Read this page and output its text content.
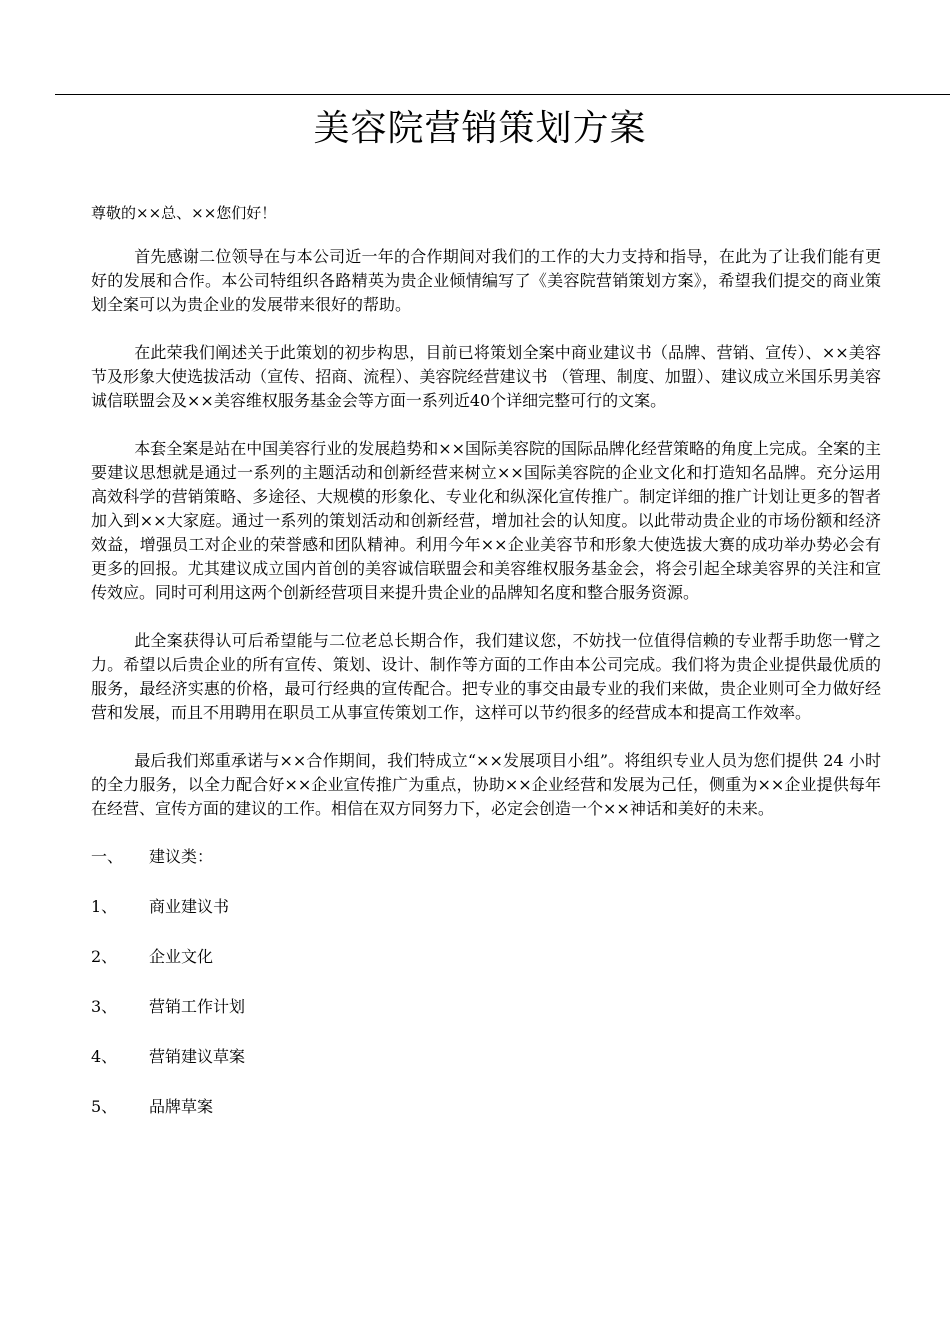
美容院营销策划方案

尊敬的××总、××您们好！

首先感谢二位领导在与本公司近一年的合作期间对我们的工作的大力支持和指导，在此为了让我们能有更好的发展和合作。本公司特组织各路精英为贵企业倾情编写了《美容院营销策划方案》，希望我们提交的商业策划全案可以为贵企业的发展带来很好的帮助。

在此荣我们阐述关于此策划的初步构思，目前已将策划全案中商业建议书（品牌、营销、宣传）、××美容节及形象大使选拔活动（宣传、招商、流程）、美容院经营建议书 （管理、制度、加盟）、建议成立米国乐男美容诚信联盟会及××美容维权服务基金会等方面一系列近40个详细完整可行的文案。

本套全案是站在中国美容行业的发展趋势和××国际美容院的国际品牌化经营策略的角度上完成。全案的主要建议思想就是通过一系列的主题活动和创新经营来树立××国际美容院的企业文化和打造知名品牌。充分运用高效科学的营销策略、多途径、大规模的形象化、专业化和纵深化宣传推广。制定详细的推广计划让更多的智者加入到××大家庭。通过一系列的策划活动和创新经营，增加社会的认知度。以此带动贵企业的市场份额和经济效益，增强员工对企业的荣誉感和团队精神。利用今年××企业美容节和形象大使选拔大赛的成功举办势必会有更多的回报。尤其建议成立国内首创的美容诚信联盟会和美容维权服务基金会，将会引起全球美容界的关注和宣传效应。同时可利用这两个创新经营项目来提升贵企业的品牌知名度和整合服务资源。

此全案获得认可后希望能与二位老总长期合作，我们建议您，不妨找一位值得信赖的专业帮手助您一臂之力。希望以后贵企业的所有宣传、策划、设计、制作等方面的工作由本公司完成。我们将为贵企业提供最优质的服务，最经济实惠的价格，最可行经典的宣传配合。把专业的事交由最专业的我们来做，贵企业则可全力做好经营和发展，而且不用聘用在职员工从事宣传策划工作，这样可以节约很多的经营成本和提高工作效率。

最后我们郑重承诺与××合作期间，我们特成立“××发展项目小组”。将组织专业人员为您们提供 24 小时的全力服务，以全力配合好××企业宣传推广为重点，协助××企业经营和发展为己任，侧重为××企业提供每年在经营、宣传方面的建议的工作。相信在双方同努力下，必定会创造一个××神话和美好的未来。

一、	建议类：
1、	商业建议书
2、	企业文化
3、	营销工作计划
4、	营销建议草案
5、	品牌草案
